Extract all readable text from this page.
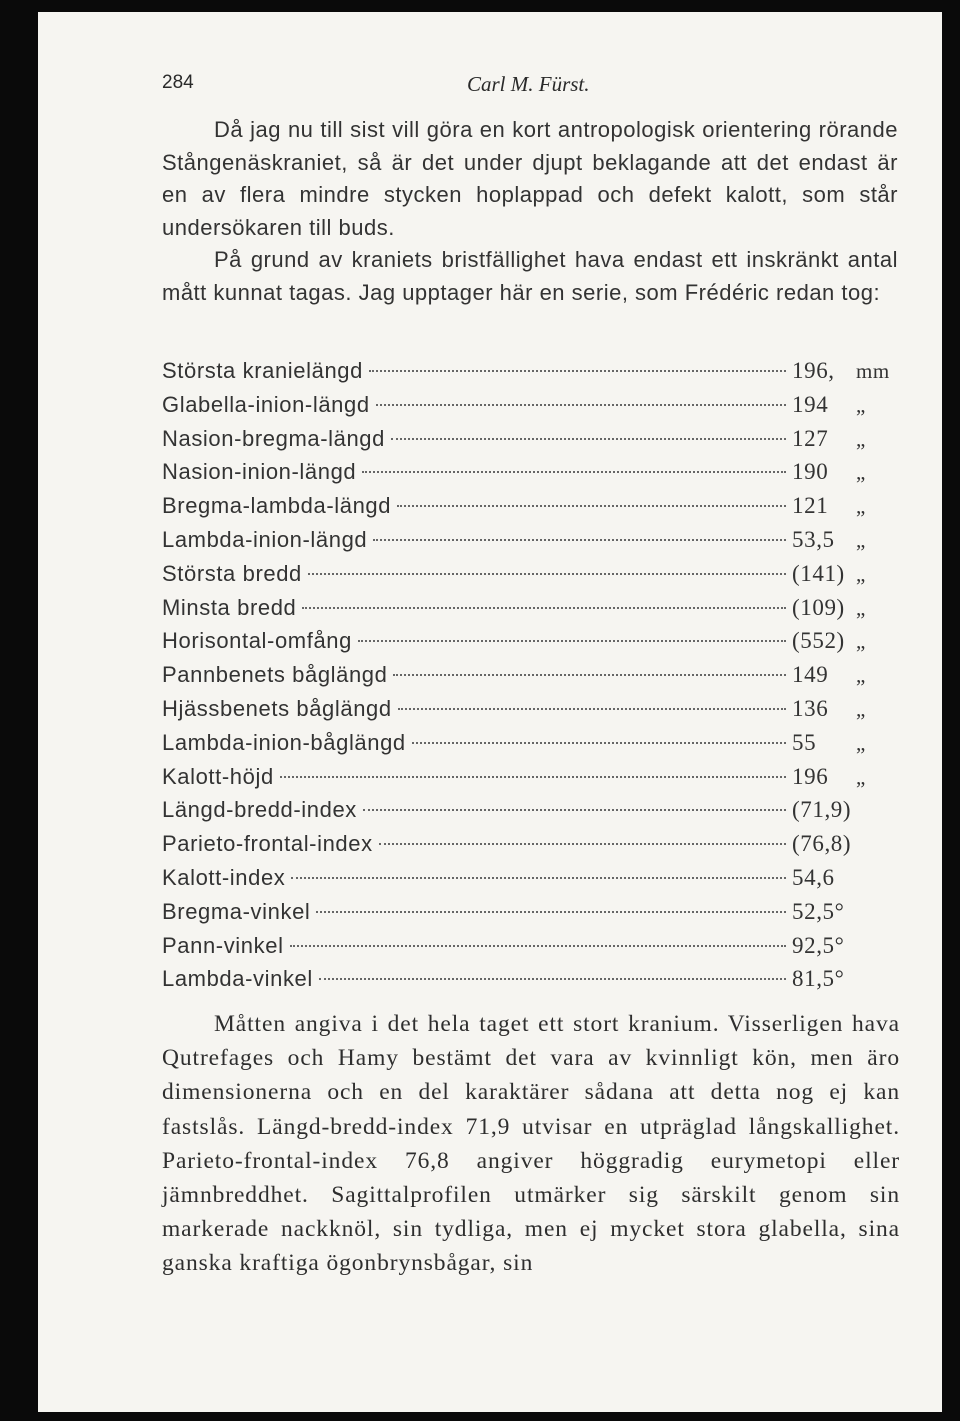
284	Carl M. Fürst.

Då jag nu till sist vill göra en kort antropologisk orientering rörande Stångenäskraniet, så är det under djupt beklagande att det endast är en av flera mindre stycken hoplappad och defekt kalott, som står undersökaren till buds.

På grund av kraniets bristfällighet hava endast ett inskränkt antal mått kunnat tagas. Jag upptager här en serie, som Frédéric redan tog:

Största kranielängd	196,	mm
Glabella-inion-längd	194	„
Nasion-bregma-längd	127	„
Nasion-inion-längd	190	„
Bregma-lambda-längd	121	„
Lambda-inion-längd	53,5	„
Största bredd	(141) „
Minsta bredd	(109) „
Horisontal-omfång	(552) „
Pannbenets båglängd	149	„
Hjässbenets båglängd	136	„
Lambda-inion-båglängd	55	„
Kalott-höjd	196	„
Längd-bredd-index	(71,9)
Parieto-frontal-index	(76,8)
Kalott-index	54,6
Bregma-vinkel	52,5°
Pann-vinkel	92,5°
Lambda-vinkel	81,5°

Måtten angiva i det hela taget ett stort kranium. Visserligen hava Qutrefages och Hamy bestämt det vara av kvinnligt kön, men äro dimensionerna och en del karaktärer sådana att detta nog ej kan fastslås. Längd-bredd-index 71,9 utvisar en utpräglad långskallighet. Parieto-frontal-index 76,8 angiver höggradig eurymetopi eller jämnbreddhet. Sagittalprofilen utmärker sig särskilt genom sin markerade nackknöl, sin tydliga, men ej mycket stora glabella, sina ganska kraftiga ögonbrynsbågar, sin
